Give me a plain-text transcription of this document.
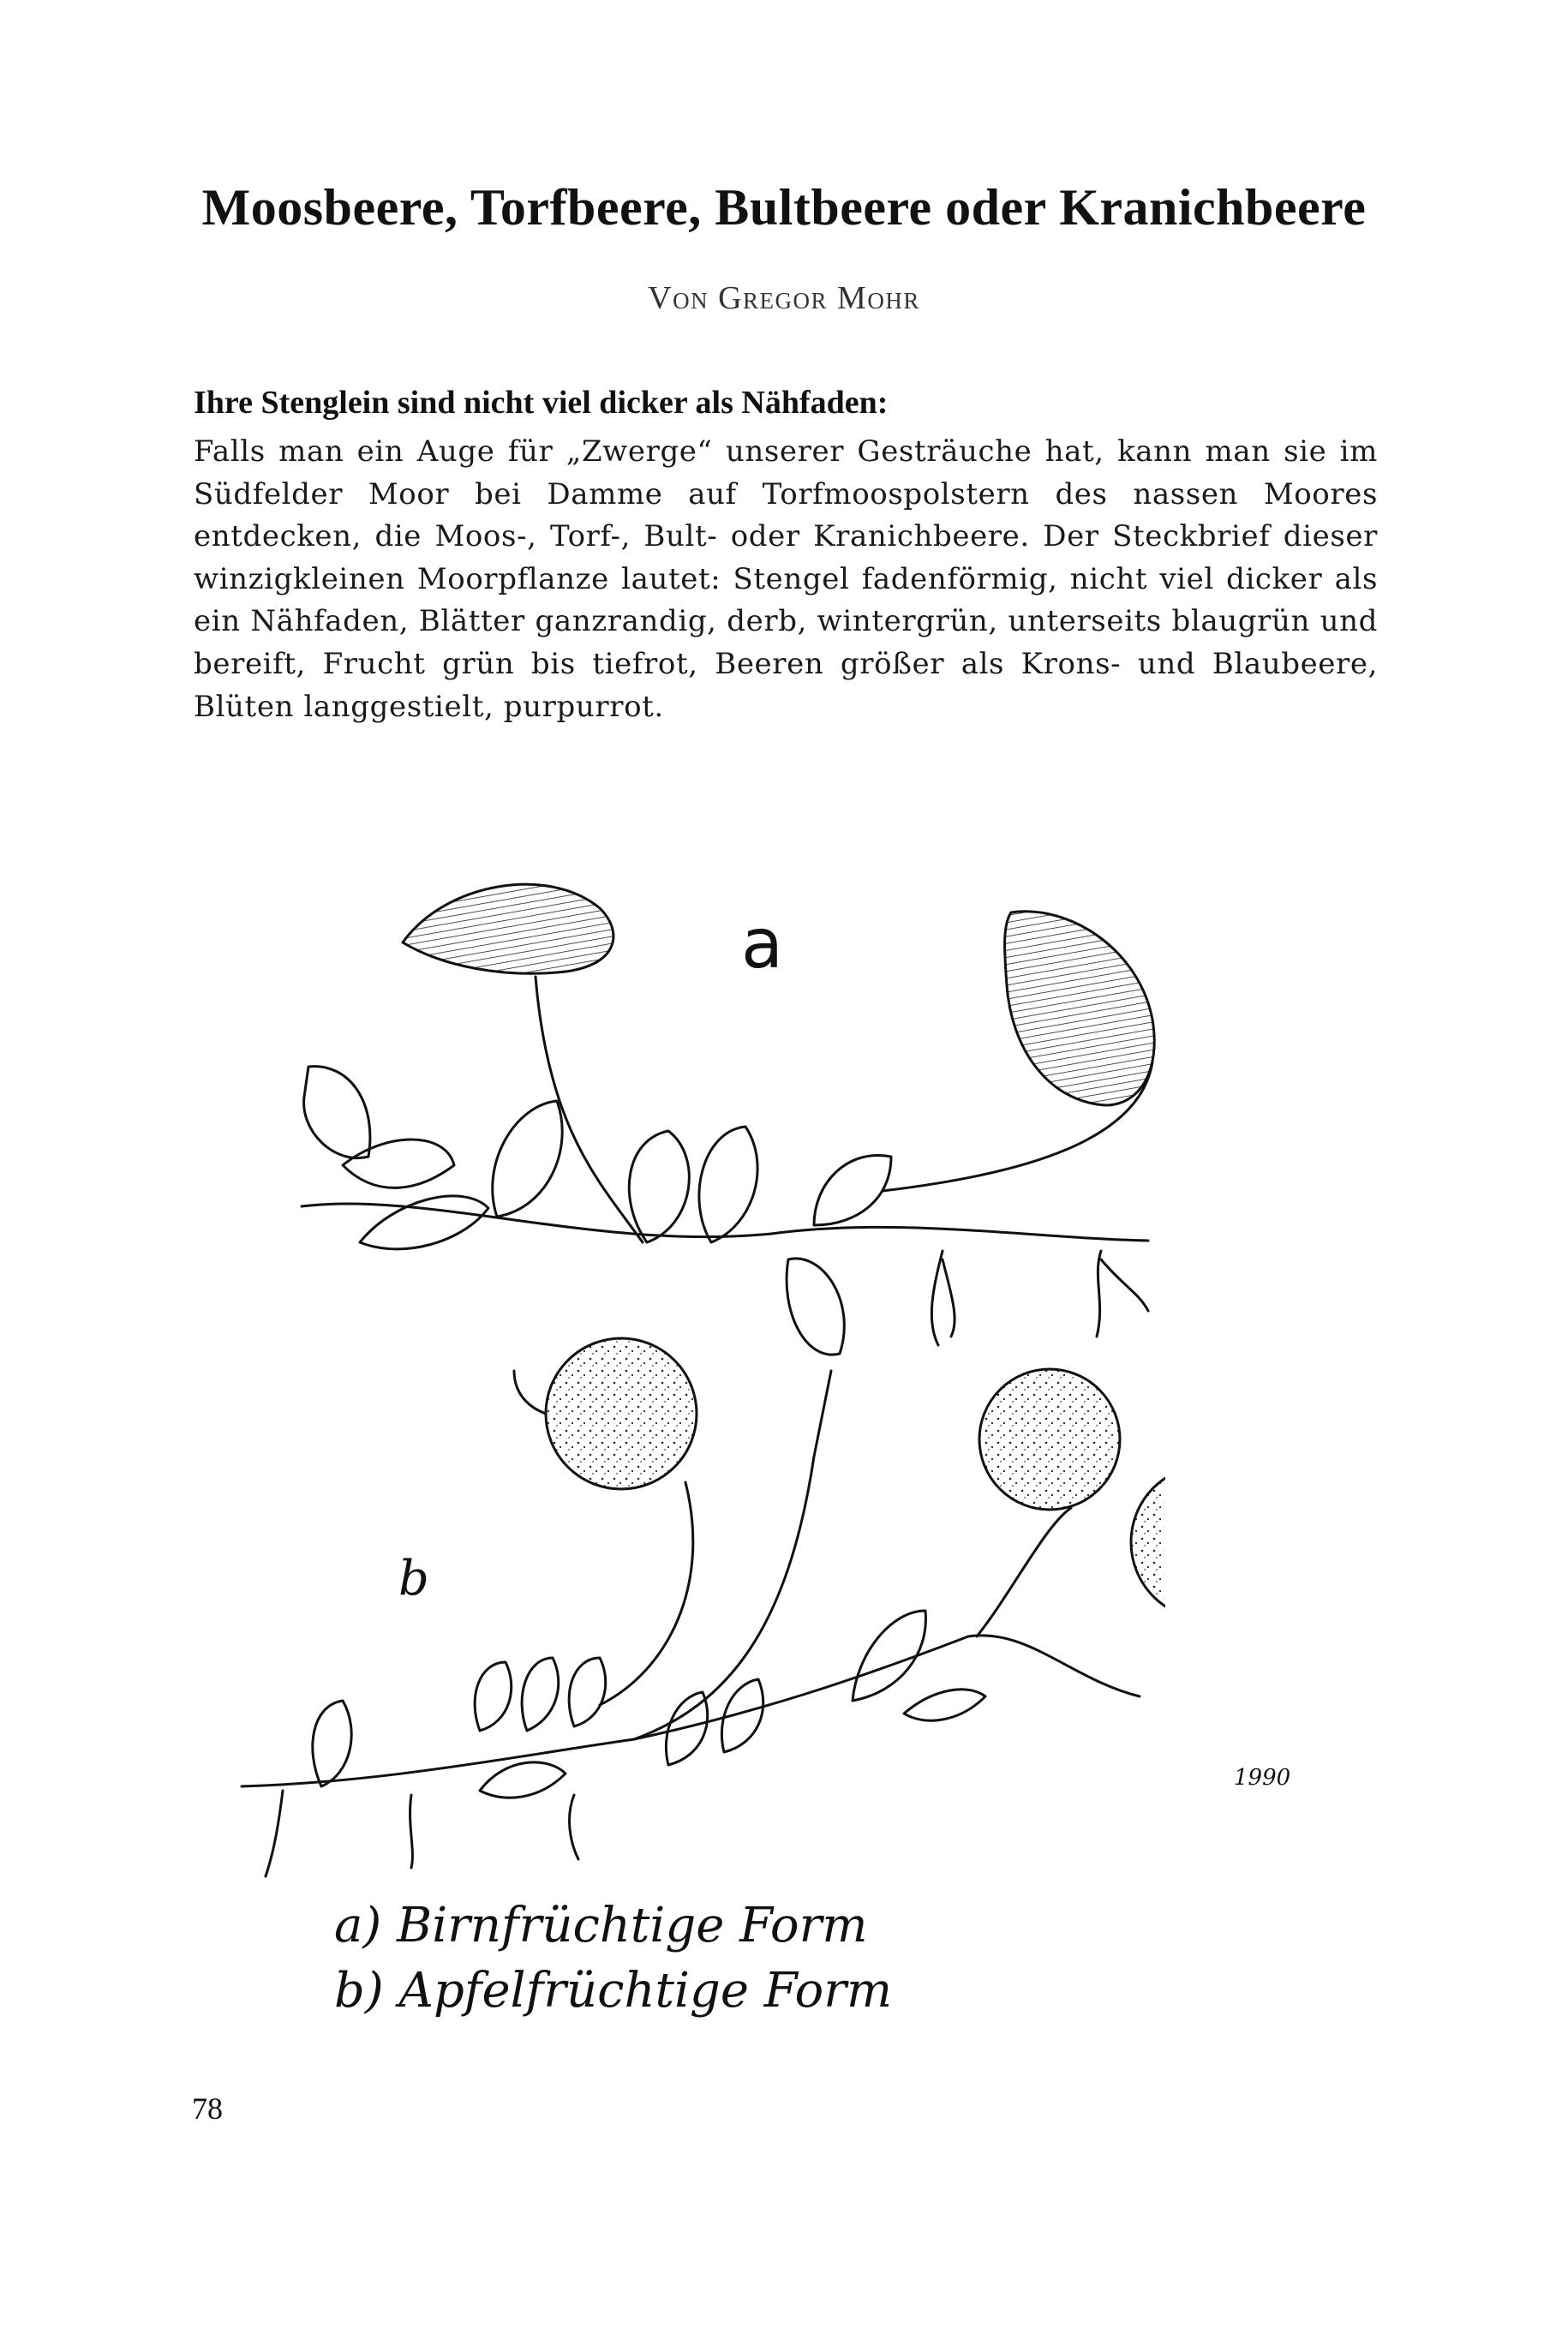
Moosbeere, Torfbeere, Bultbeere oder Kranichbeere
Von Gregor Mohr
Ihre Stenglein sind nicht viel dicker als Nähfaden:

Falls man ein Auge für „Zwerge“ unserer Gesträuche hat, kann man sie im Südfelder Moor bei Damme auf Torfmoospolstern des nassen Moores entdecken, die Moos-, Torf-, Bult- oder Kranichbeere. Der Steckbrief dieser winzigkleinen Moorpflanze lautet: Stengel fadenförmig, nicht viel dicker als ein Nähfaden, Blätter ganzrandig, derb, wintergrün, unterseits blaugrün und bereift, Frucht grün bis tiefrot, Beeren größer als Krons- und Blaubeere, Blüten langgestielt, purpurrot.

a
b
1990
a) Birnfrüchtige Form
b) Apfelfrüchtige Form
78
